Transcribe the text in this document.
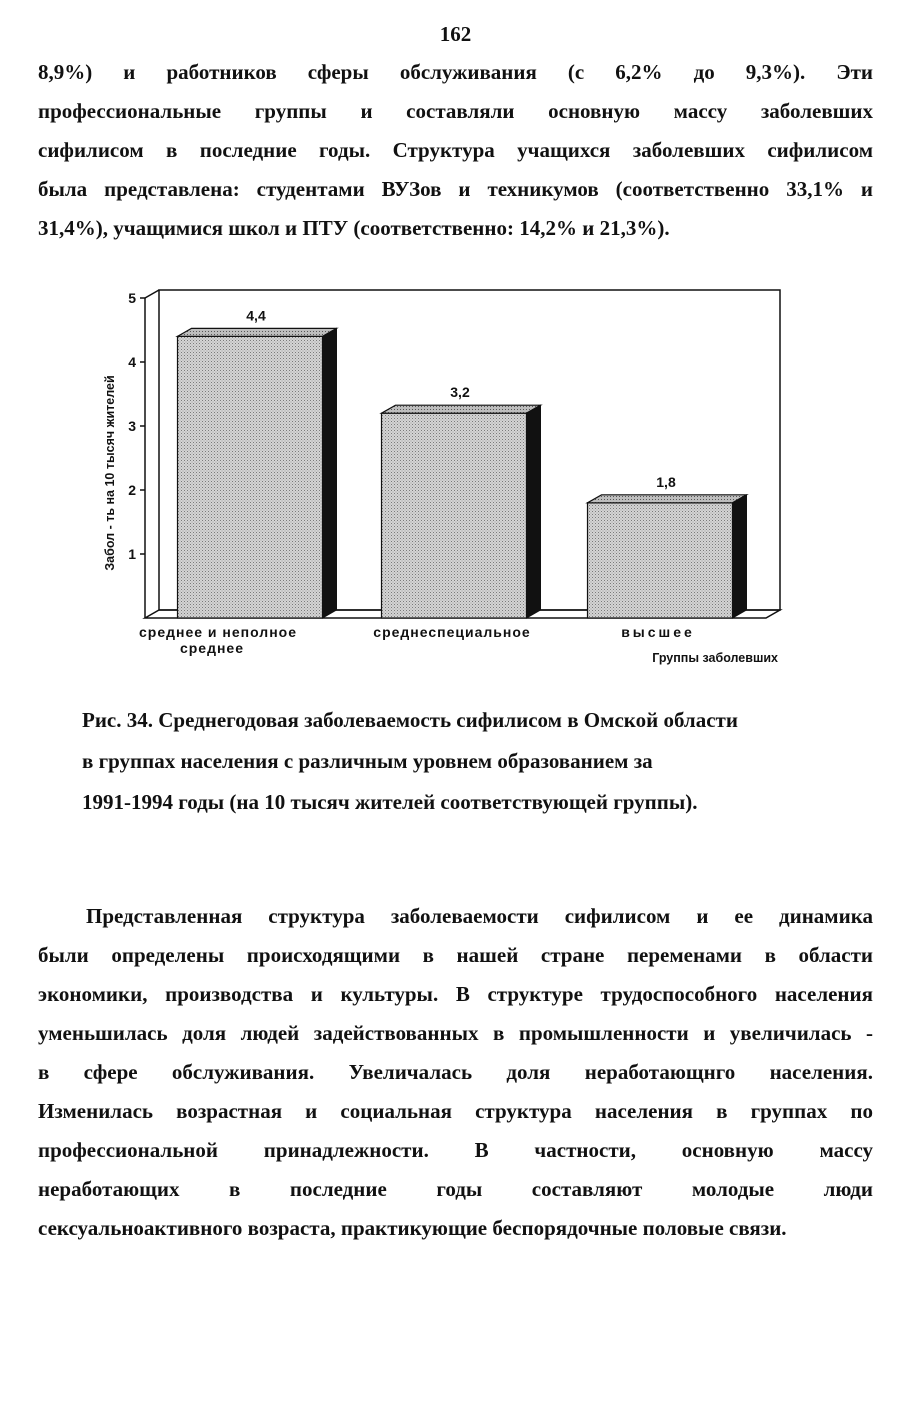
162

8,9%) и работников сферы обслуживания (с 6,2% до 9,3%). Эти
профессиональные группы и составляли основную массу заболевших
сифилисом в последние годы. Структура учащихся заболевших сифилисом
была представлена: студентами ВУЗов и техникумов (соответственно 33,1% и
31,4%), учащимися школ и ПТУ (соответственно: 14,2% и 21,3%).

1
2
3
4
5
Забол - ть на 10 тысяч жителей
4,4
3,2
1,8
среднее и неполное
среднее
среднеспециальное	высшее
Группы заболевших

Рис. 34. Среднегодовая заболеваемость сифилисом в Омской области
в группах населения с различным уровнем образованием за
1991-1994 годы (на 10 тысяч жителей соответствующей группы).

Представленная структура заболеваемости сифилисом и ее динамика
были определены происходящими в нашей стране переменами в области
экономики, производства и культуры. В структуре трудоспособного населения
уменьшилась доля людей задействованных в промышленности и увеличилась -
в сфере обслуживания. Увеличалась доля неработающнго населения.
Изменилась возрастная и социальная структура населения в группах по
профессиональной принадлежности. В частности, основную массу
неработающих в последние годы составляют молодые люди
сексуальноактивного возраста, практикующие беспорядочные половые связи.
